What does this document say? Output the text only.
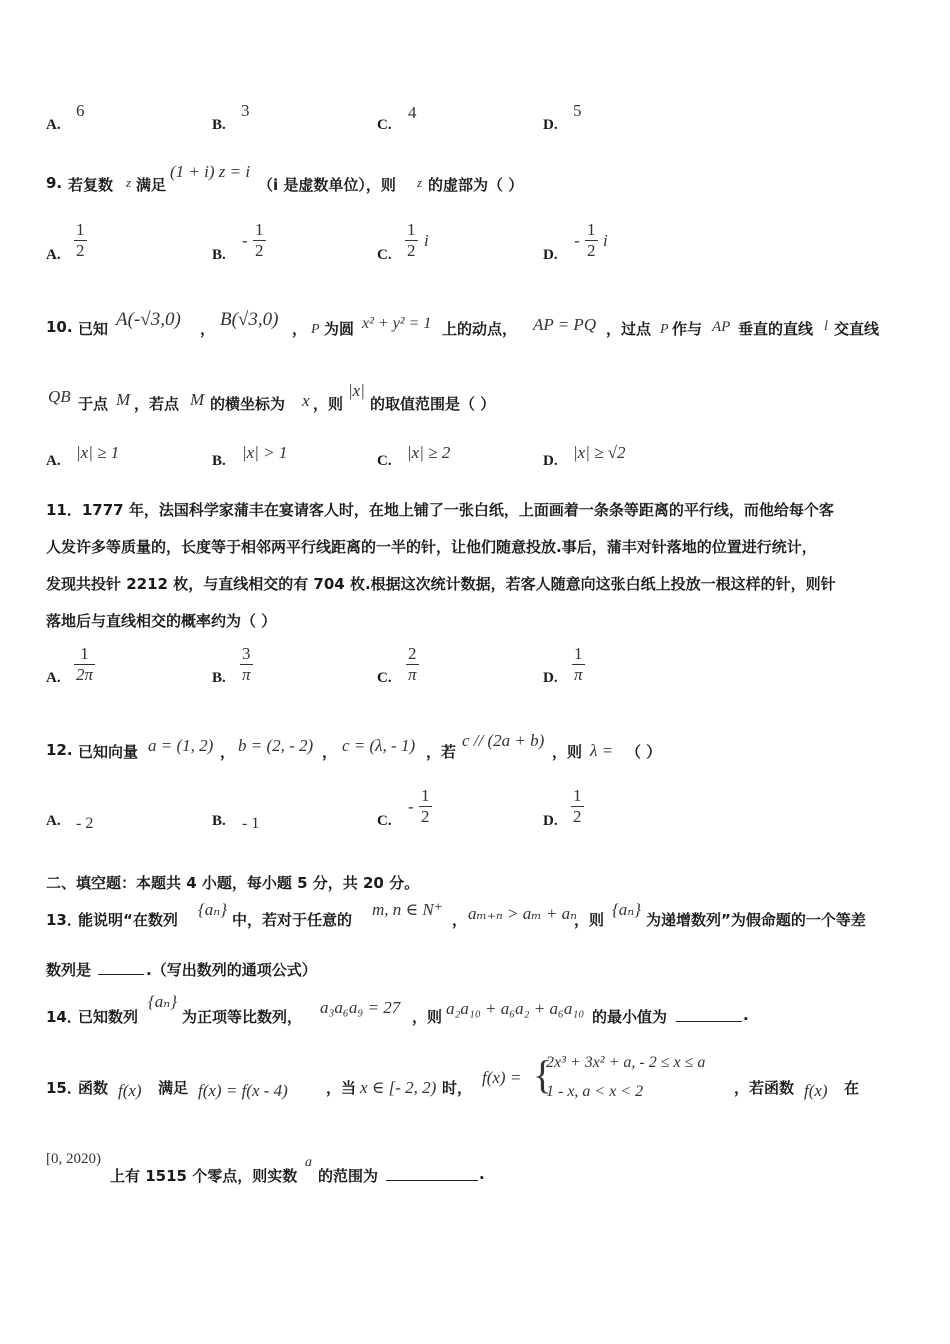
A.
6
B.
3
C.
4
D.
5
9. 若复数 z 满足
(1 + i) z = i
（i 是虚数单位），则 z 的虚部为（ ）
A. $\frac{1}{2}$	B.
- $\frac{1}{2}$	C. $\frac{1}{2}$ i
D.
- $\frac{1}{2}$ i
10. 已知 A(-√3,0) ， B(√3,0) ， P 为圆 x² + y² = 1 上的动点， AP = PQ ，过点 P 作与 AP 垂直的直线 l 交直线
QB 于点 M ，若点 M 的横坐标为 x ，则
|x|
的取值范围是（ ）
A. |x| ≥ 1	B. |x| > 1	C. |x| ≥ 2	D. |x| ≥ √2
11．1777 年，法国科学家蒲丰在宴请客人时，在地上铺了一张白纸，上面画着一条条等距离的平行线，而他给每个客
人发许多等质量的，长度等于相邻两平行线距离的一半的针，让他们随意投放.事后，蒲丰对针落地的位置进行统计，
发现共投针 2212 枚，与直线相交的有 704 枚.根据这次统计数据，若客人随意向这张白纸上投放一根这样的针，则针
落地后与直线相交的概率约为（ ）
A. $\frac{1}{2\pi}$	B. $\frac{3}{\pi}$	C. $\frac{2}{\pi}$	D. $\frac{1}{\pi}$
12. 已知向量 a = (1, 2) ， b = (2, - 2) ， c = (λ, - 1) ，若
c // (2a + b)
，则 λ = （ ）
A. - 2	B. - 1	C.
- $\frac{1}{2}$	D. $\frac{1}{2}$
二、填空题：本题共 4 小题，每小题 5 分，共 20 分。
13．
能说明“在数列
{aₙ}
中，若对于任意的
m, n ∈ N⁺
， aₘ₊ₙ > aₘ + aₙ
，则
{aₙ}
为递增数列”为假命题的一个等差
数列是	.（写出数列的通项公式）
14．
已知数列
{aₙ}
为正项等比数列， a₃a₆a₉ = 27 ，则 a₂a₁₀ + a₆a₂ + a₆a₁₀ 的最小值为	.
15．
函数 f(x) 满足 f(x) = f(x - 4)	，当 x ∈ [- 2, 2) 时，
f(x) = {
2x³ + 3x² + a, - 2 ≤ x ≤ a
1 - x, a < x < 2	，若函数 f(x) 在
[0, 2020)
上有 1515 个零点，则实数
a
的范围为	.
